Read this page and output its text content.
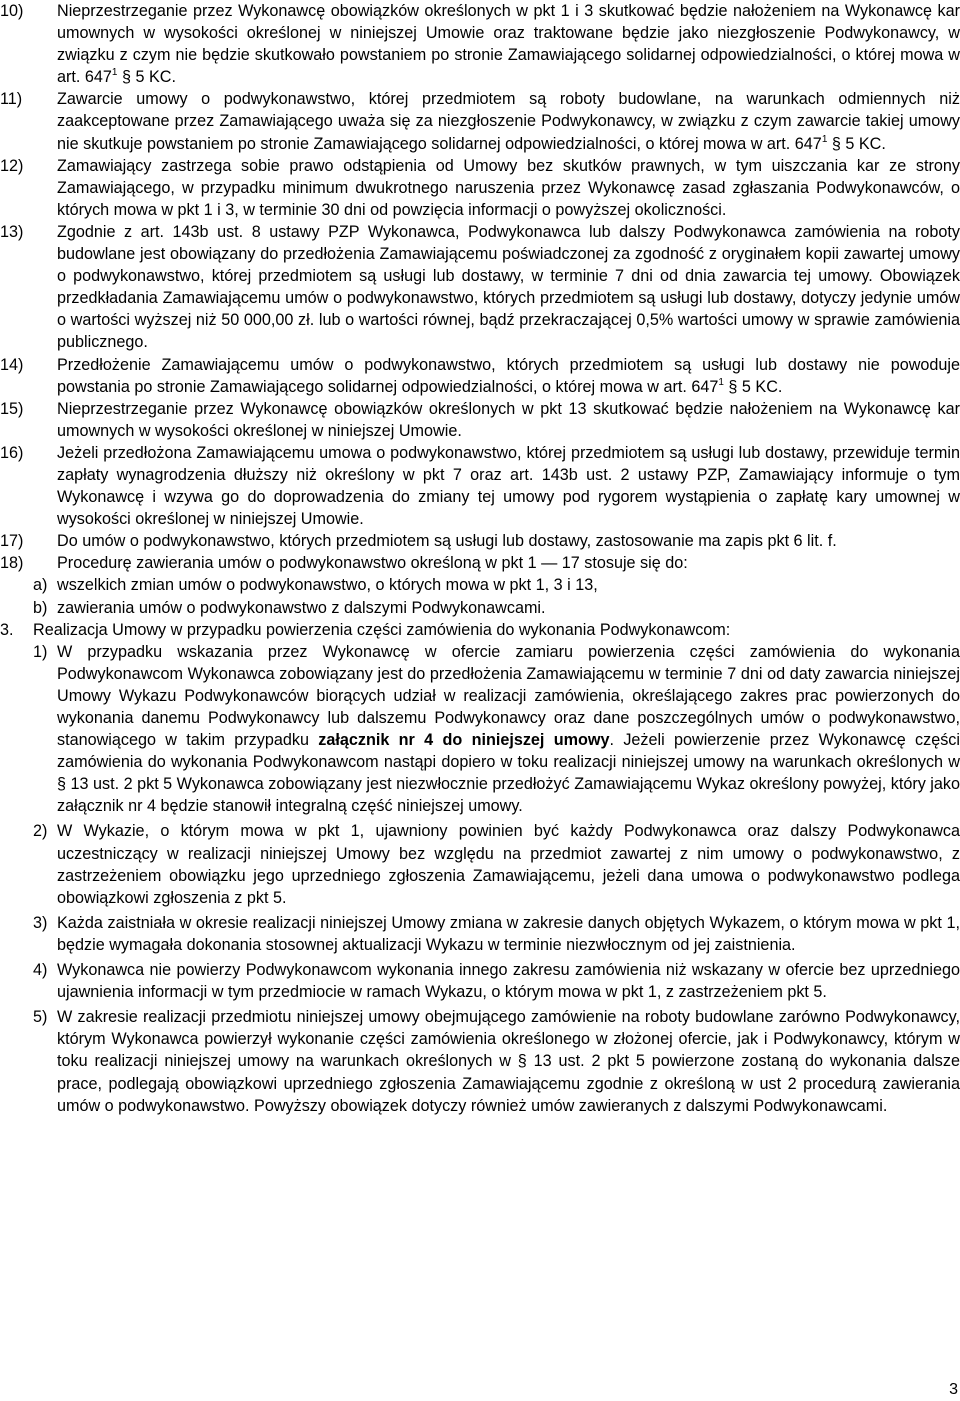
10) Nieprzestrzeganie przez Wykonawcę obowiązków określonych w pkt 1 i 3 skutkować będzie nałożeniem na Wykonawcę kar umownych w wysokości określonej w niniejszej Umowie oraz traktowane będzie jako niezgłoszenie Podwykonawcy, w związku z czym nie będzie skutkowało powstaniem po stronie Zamawiającego solidarnej odpowiedzialności, o której mowa w art. $647^1$ § 5 KC.
11) Zawarcie umowy o podwykonawstwo, której przedmiotem są roboty budowlane, na warunkach odmiennych niż zaakceptowane przez Zamawiającego uważa się za niezgłoszenie Podwykonawcy, w związku z czym zawarcie takiej umowy nie skutkuje powstaniem po stronie Zamawiającego solidarnej odpowiedzialności, o której mowa w art. $647^1$ § 5 KC.
12) Zamawiający zastrzega sobie prawo odstąpienia od Umowy bez skutków prawnych, w tym uiszczania kar ze strony Zamawiającego, w przypadku minimum dwukrotnego naruszenia przez Wykonawcę zasad zgłaszania Podwykonawców, o których mowa w pkt 1 i 3, w terminie 30 dni od powzięcia informacji o powyższej okoliczności.
13) Zgodnie z art. 143b ust. 8 ustawy PZP Wykonawca, Podwykonawca lub dalszy Podwykonawca zamówienia na roboty budowlane jest obowiązany do przedłożenia Zamawiającemu poświadczonej za zgodność z oryginałem kopii zawartej umowy o podwykonawstwo, której przedmiotem są usługi lub dostawy, w terminie 7 dni od dnia zawarcia tej umowy. Obowiązek przedkładania Zamawiającemu umów o podwykonawstwo, których przedmiotem są usługi lub dostawy, dotyczy jedynie umów o wartości wyższej niż 50 000,00 zł. lub o wartości równej, bądź przekraczającej 0,5% wartości umowy w sprawie zamówienia publicznego.
14) Przedłożenie Zamawiającemu umów o podwykonawstwo, których przedmiotem są usługi lub dostawy nie powoduje powstania po stronie Zamawiającego solidarnej odpowiedzialności, o której mowa w art. $647^1$ § 5 KC.
15) Nieprzestrzeganie przez Wykonawcę obowiązków określonych w pkt 13 skutkować będzie nałożeniem na Wykonawcę kar umownych w wysokości określonej w niniejszej Umowie.
16) Jeżeli przedłożona Zamawiającemu umowa o podwykonawstwo, której przedmiotem są usługi lub dostawy, przewiduje termin zapłaty wynagrodzenia dłuższy niż określony w pkt 7 oraz art. 143b ust. 2 ustawy PZP, Zamawiający informuje o tym Wykonawcę i wzywa go do doprowadzenia do zmiany tej umowy pod rygorem wystąpienia o zapłatę kary umownej w wysokości określonej w niniejszej Umowie.
17) Do umów o podwykonawstwo, których przedmiotem są usługi lub dostawy, zastosowanie ma zapis pkt 6 lit. f.
18) Procedurę zawierania umów o podwykonawstwo określoną w pkt 1 — 17 stosuje się do:
a) wszelkich zmian umów o podwykonawstwo, o których mowa w pkt 1, 3 i 13,
b) zawierania umów o podwykonawstwo z dalszymi Podwykonawcami.
3. Realizacja Umowy w przypadku powierzenia części zamówienia do wykonania Podwykonawcom:
1) W przypadku wskazania przez Wykonawcę w ofercie zamiaru powierzenia części zamówienia do wykonania Podwykonawcom Wykonawca zobowiązany jest do przedłożenia Zamawiającemu w terminie 7 dni od daty zawarcia niniejszej Umowy Wykazu Podwykonawców biorących udział w realizacji zamówienia, określającego zakres prac powierzonych do wykonania danemu Podwykonawcy lub dalszemu Podwykonawcy oraz dane poszczególnych umów o podwykonawstwo, stanowiącego w takim przypadku załącznik nr 4 do niniejszej umowy. Jeżeli powierzenie przez Wykonawcę części zamówienia do wykonania Podwykonawcom nastąpi dopiero w toku realizacji niniejszej umowy na warunkach określonych w § 13 ust. 2 pkt 5 Wykonawca zobowiązany jest niezwłocznie przedłożyć Zamawiającemu Wykaz określony powyżej, który jako załącznik nr 4 będzie stanowił integralną część niniejszej umowy.
2) W Wykazie, o którym mowa w pkt 1, ujawniony powinien być każdy Podwykonawca oraz dalszy Podwykonawca uczestniczący w realizacji niniejszej Umowy bez względu na przedmiot zawartej z nim umowy o podwykonawstwo, z zastrzeżeniem obowiązku jego uprzedniego zgłoszenia Zamawiającemu, jeżeli dana umowa o podwykonawstwo podlega obowiązkowi zgłoszenia z pkt 5.
3) Każda zaistniała w okresie realizacji niniejszej Umowy zmiana w zakresie danych objętych Wykazem, o którym mowa w pkt 1, będzie wymagała dokonania stosownej aktualizacji Wykazu w terminie niezwłocznym od jej zaistnienia.
4) Wykonawca nie powierzy Podwykonawcom wykonania innego zakresu zamówienia niż wskazany w ofercie bez uprzedniego ujawnienia informacji w tym przedmiocie w ramach Wykazu, o którym mowa w pkt 1, z zastrzeżeniem pkt 5.
5) W zakresie realizacji przedmiotu niniejszej umowy obejmującego zamówienie na roboty budowlane zarówno Podwykonawcy, którym Wykonawca powierzył wykonanie części zamówienia określonego w złożonej ofercie, jak i Podwykonawcy, którym w toku realizacji niniejszej umowy na warunkach określonych w § 13 ust. 2 pkt 5 powierzone zostaną do wykonania dalsze prace, podlegają obowiązkowi uprzedniego zgłoszenia Zamawiającemu zgodnie z określoną w ust 2 procedurą zawierania umów o podwykonawstwo. Powyższy obowiązek dotyczy również umów zawieranych z dalszymi Podwykonawcami.
3
